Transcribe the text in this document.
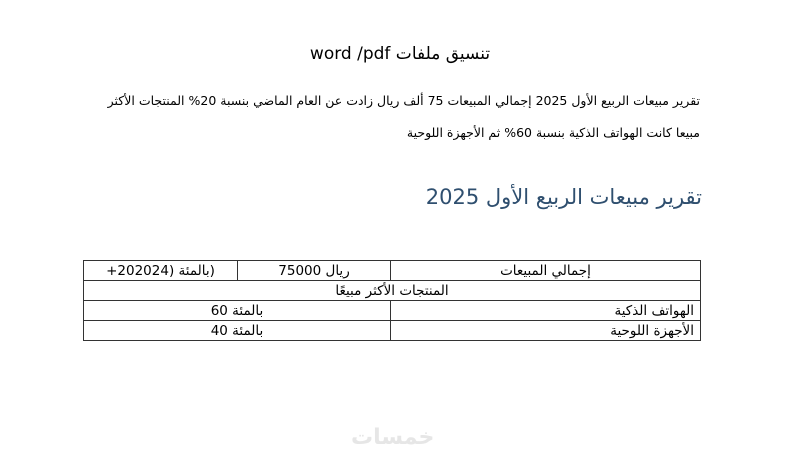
تنسيق ملفات word /pdf
تقرير مبيعات الربيع الأول 2025 إجمالي المبيعات 75 ألف ريال زادت عن العام الماضي بنسبة 20% المنتجات الأكثر
مبيعا كانت الهواتف الذكية بنسبة 60% ثم الأجهزة اللوحية
تقرير مبيعات الربيع الأول 2025
إجمالي المبيعات	ريال 75000	(بالمئة (202024+
المنتجات الأكثر مبيعًا		
الهواتف الذكية	بالمئة 60	
الأجهزة اللوحية	بالمئة 40	
خمسات
